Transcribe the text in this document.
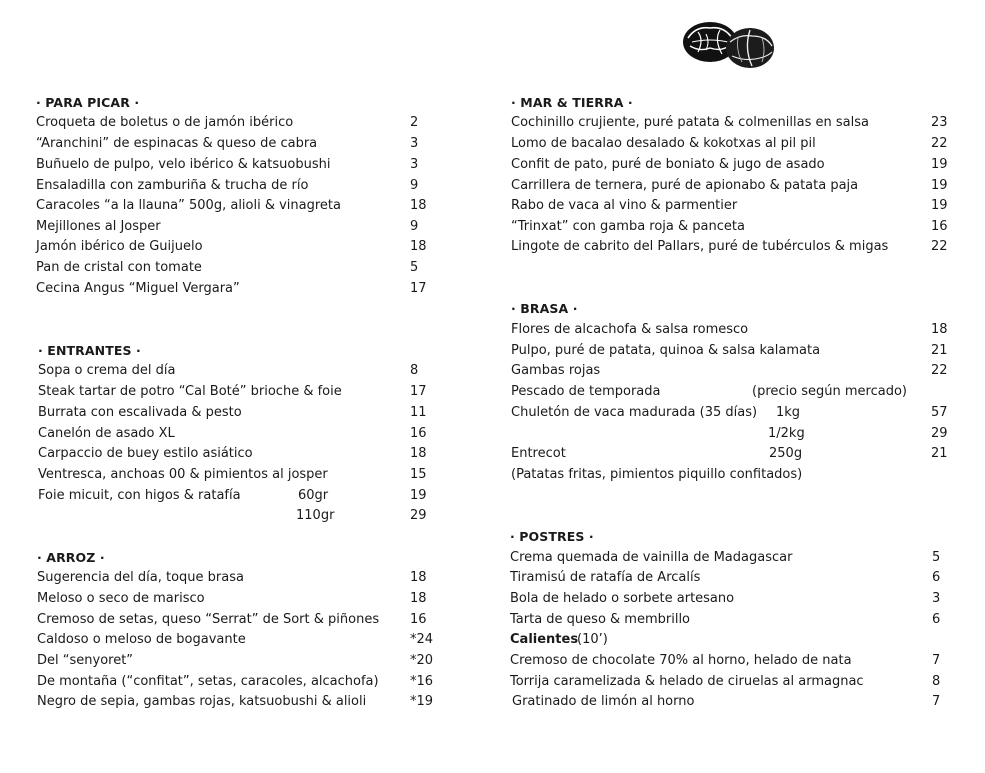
· PARA PICAR ·
Croqueta de boletus o de jamón ibérico	2
“Aranchini” de espinacas & queso de cabra	3
Buñuelo de pulpo, velo ibérico & katsuobushi	3
Ensaladilla con zamburiña & trucha de río	9
Caracoles “a la llauna” 500g, alioli & vinagreta	18
Mejillones al Josper	9
Jamón ibérico de Guijuelo	18
Pan de cristal con tomate	5
Cecina Angus “Miguel Vergara”	17
· ENTRANTES ·
Sopa o crema del día	8
Steak tartar de potro “Cal Boté” brioche & foie	17
Burrata con escalivada & pesto	11
Canelón de asado XL	16
Carpaccio de buey estilo asiático	18
Ventresca, anchoas 00 & pimientos al josper	15
Foie micuit, con higos & ratafía	60gr	19
110gr	29
· ARROZ ·
Sugerencia del día, toque brasa	18
Meloso o seco de marisco	18
Cremoso de setas, queso “Serrat” de Sort & piñones 16
Caldoso o meloso de bogavante	*24
Del “senyoret”	*20
De montaña (“confitat”, setas, caracoles, alcachofa) *16
Negro de sepia, gambas rojas, katsuobushi & alioli	*19
· MAR & TIERRA ·
Cochinillo crujiente, puré patata & colmenillas en salsa	23
Lomo de bacalao desalado & kokotxas al pil pil	22
Confit de pato, puré de boniato & jugo de asado	19
Carrillera de ternera, puré de apionabo & patata paja	19
Rabo de vaca al vino & parmentier	19
“Trinxat” con gamba roja & panceta	16
Lingote de cabrito del Pallars, puré de tubérculos & migas	22
· BRASA ·
Flores de alcachofa & salsa romesco	18
Pulpo, puré de patata, quinoa & salsa kalamata	21
Gambas rojas	22
Pescado de temporada	(precio según mercado)
Chuletón de vaca madurada (35 días) 1kg	57
1/2kg	29
Entrecot	250g	21
(Patatas fritas, pimientos piquillo confitados)
· POSTRES ·
Crema quemada de vainilla de Madagascar	5
Tiramisú de ratafía de Arcalís	6
Bola de helado o sorbete artesano	3
Tarta de queso & membrillo	6
Calientes
(10’)
Cremoso de chocolate 70% al horno, helado de nata	7
Torrija caramelizada & helado de ciruelas al armagnac	8
Gratinado de limón al horno	7
